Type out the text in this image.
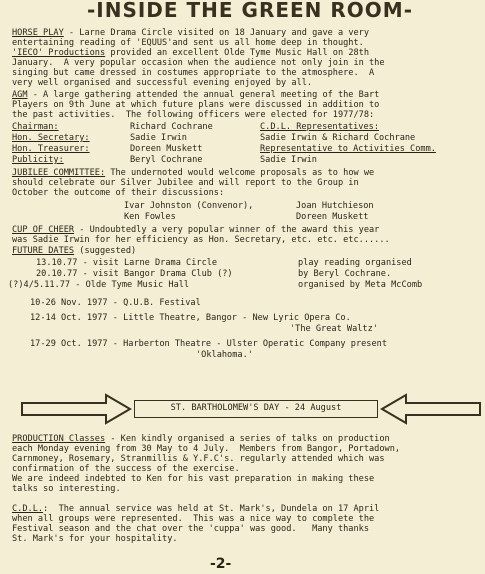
-INSIDE THE GREEN ROOM-
HORSE PLAY - Larne Drama Circle visited on 18 January and gave a very
entertaining reading of 'EQUUS'and sent us all home deep in thought.
'IECO' Productions provided an excellent Olde Tyme Music Hall on 28th
January.  A very popular occasion when the audience not only join in the
singing but came dressed in costumes appropriate to the atmosphere.  A
very well organised and successful evening enjoyed by all.
AGM - A large gathering attended the annual general meeting of the Bart
Players on 9th June at which future plans were discussed in addition to
the past activities.  The following officers were elected for 1977/78:
Chairman:	Richard Cochrane	C.D.L. Representatives:
Hon. Secretary:	Sadie Irwin	Sadie Irwin & Richard Cochrane
Hon. Treasurer:	Doreen Muskett	Representative to Activities Comm.
Publicity:	Beryl Cochrane	Sadie Irwin
JUBILEE COMMITTEE: The undernoted would welcome proposals as to how we
should celebrate our Silver Jubilee and will report to the Group in
October the outcome of their discussions:
Ivar Johnston (Convenor),	Joan Hutchieson
Ken Fowles	Doreen Muskett
CUP OF CHEER - Undoubtedly a very popular winner of the award this year
was Sadie Irwin for her efficiency as Hon. Secretary, etc. etc. etc......
FUTURE DATES (suggested)
13.10.77 - visit Larne Drama Circle	play reading organised
20.10.77 - visit Bangor Drama Club (?)	by Beryl Cochrane.
(?)4/5.11.77 - Olde Tyme Music Hall	organised by Meta McComb
10-26 Nov. 1977 - Q.U.B. Festival
12-14 Oct. 1977 - Little Theatre, Bangor - New Lyric Opera Co.
'The Great Waltz'
17-29 Oct. 1977 - Harberton Theatre - Ulster Operatic Company present
'Oklahoma.'
ST. BARTHOLOMEW'S DAY - 24 August
PRODUCTION Classes - Ken kindly organised a series of talks on production
each Monday evening from 30 May to 4 July.  Members from Bangor, Portadown,
Carnmoney, Rosemary, Stranmillis & Y.F.C's. regularly attended which was
confirmation of the success of the exercise.
We are indeed indebted to Ken for his vast preparation in making these
talks so interesting.
C.D.L.:  The annual service was held at St. Mark's, Dundela on 17 April
when all groups were represented.  This was a nice way to complete the
Festival season and the chat over the 'cuppa' was good.   Many thanks
St. Mark's for your hospitality.
-2-
